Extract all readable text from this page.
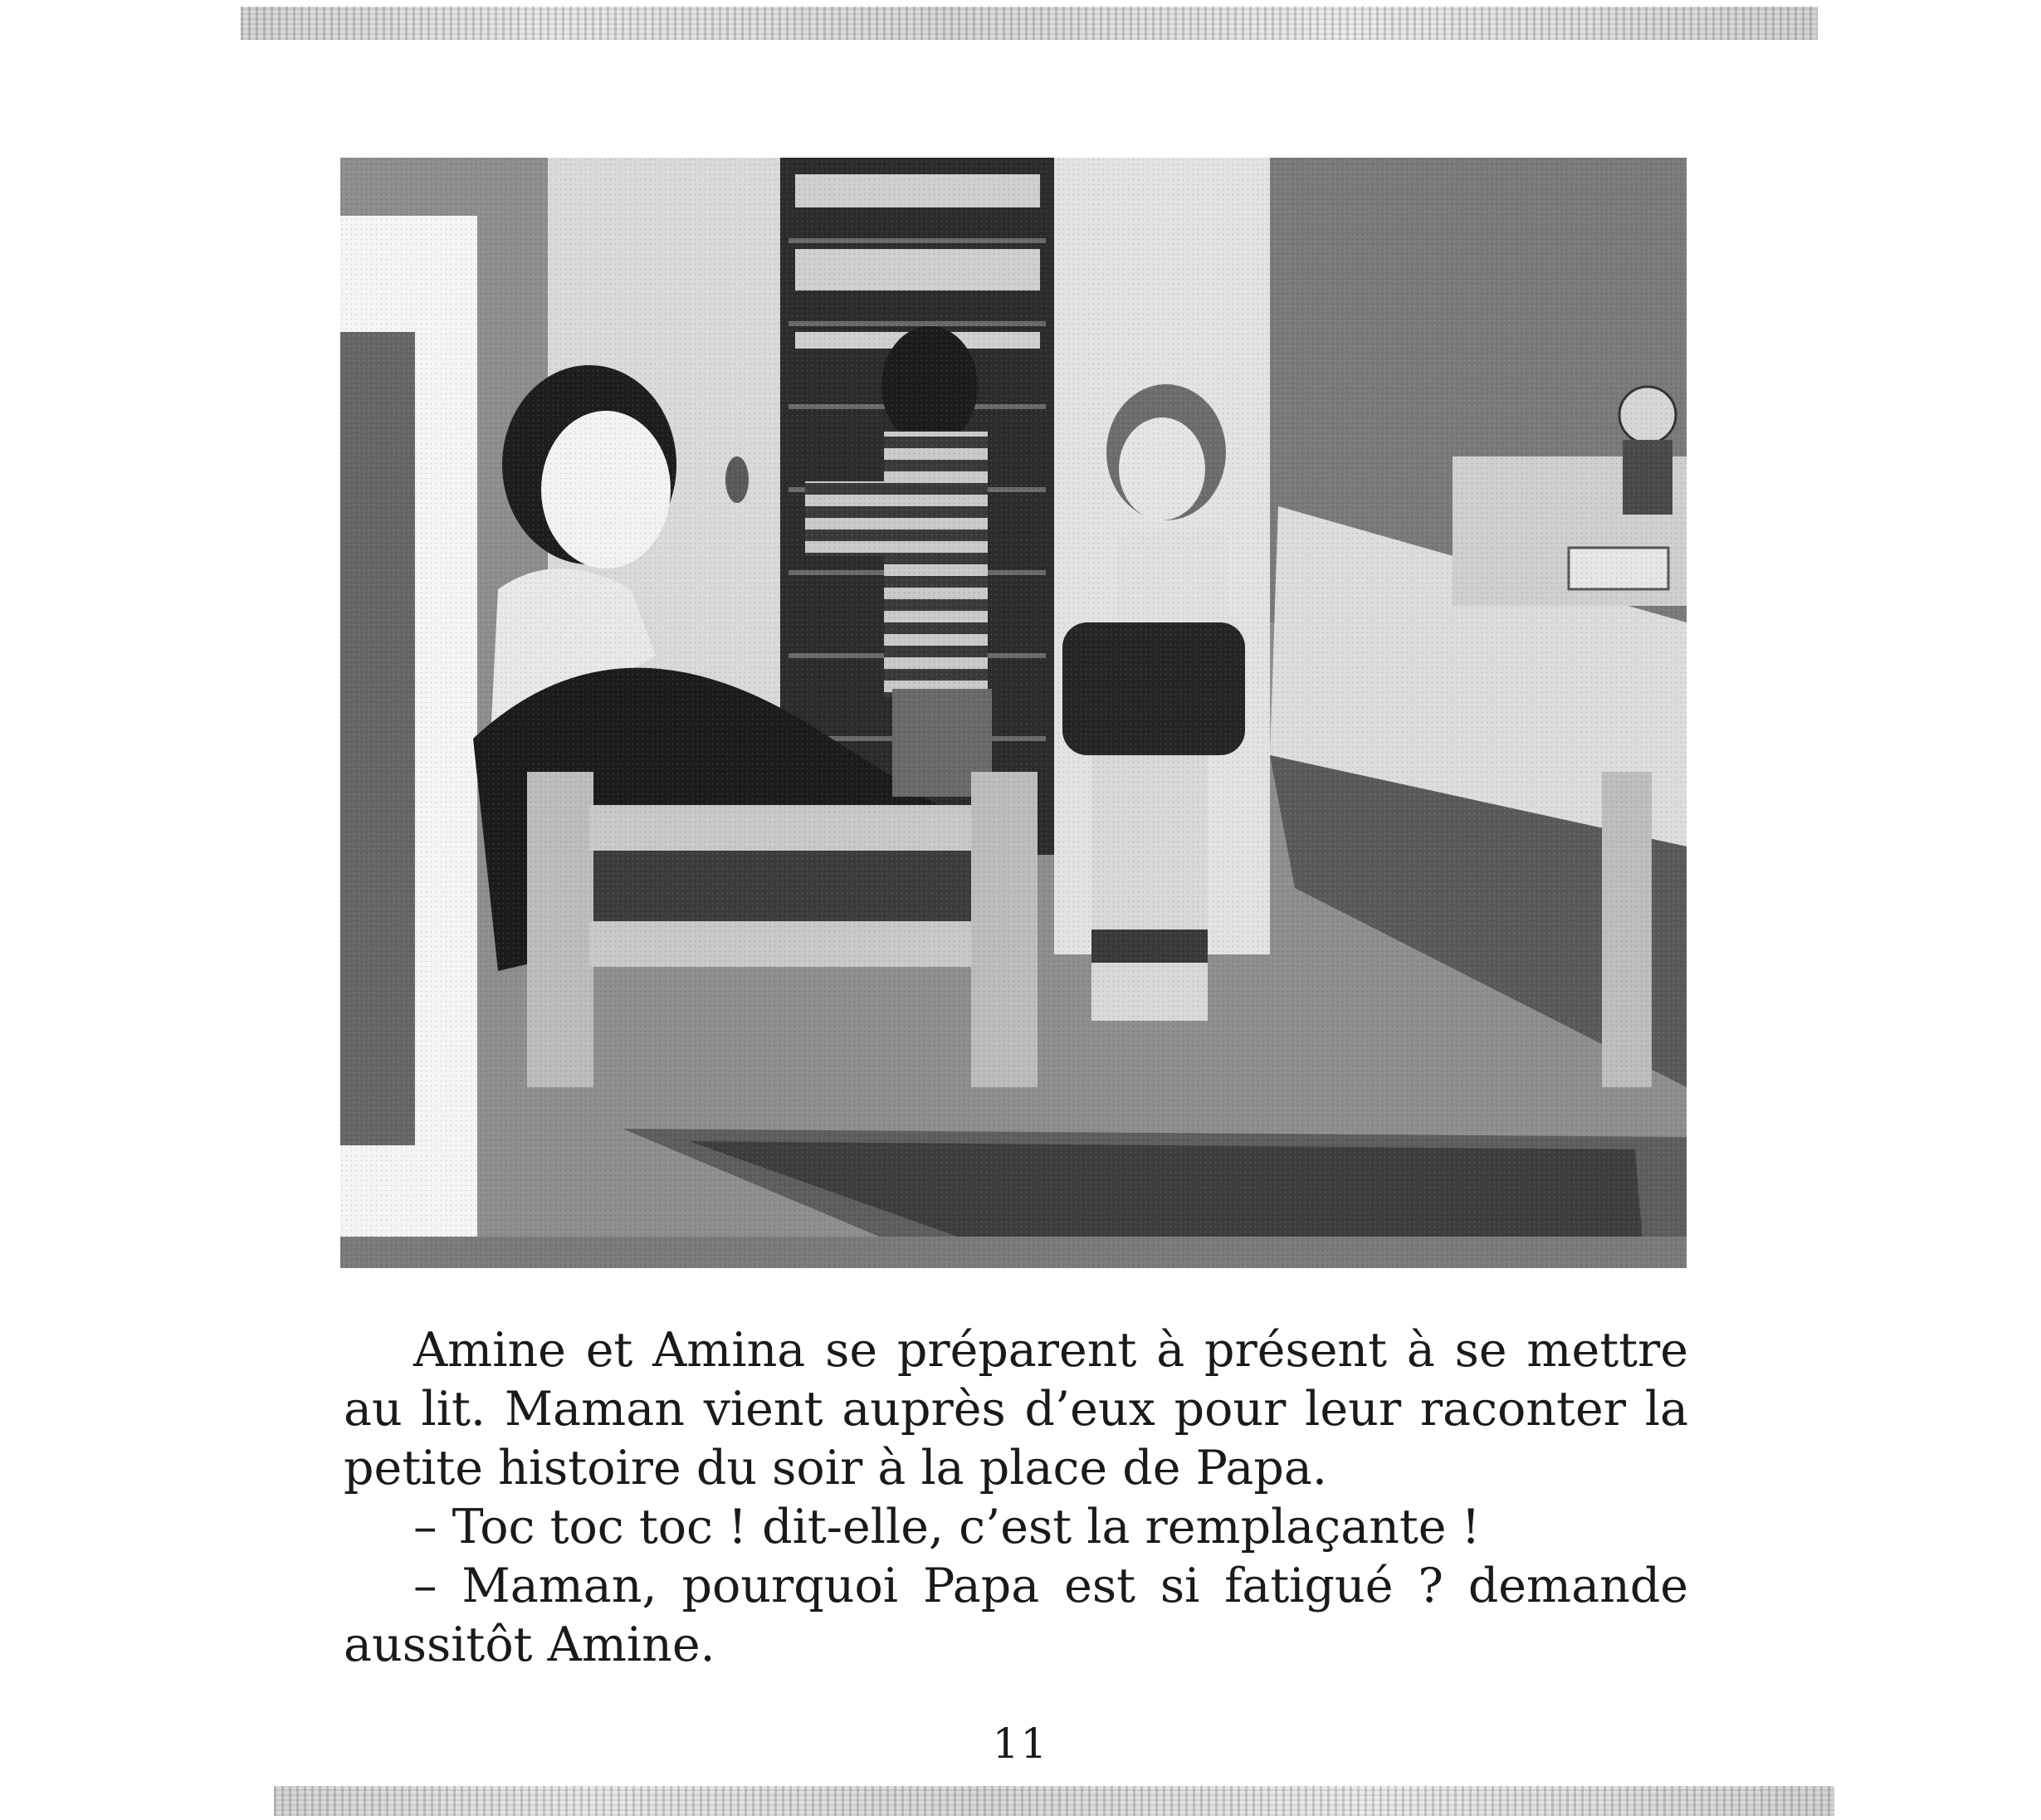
Amine et Amina se préparent à présent à se mettre au lit. Maman vient auprès d’eux pour leur raconter la petite histoire du soir à la place de Papa.

– Toc toc toc ! dit-elle, c’est la remplaçante !

– Maman, pourquoi Papa est si fatigué ? demande aussitôt Amine.

11
